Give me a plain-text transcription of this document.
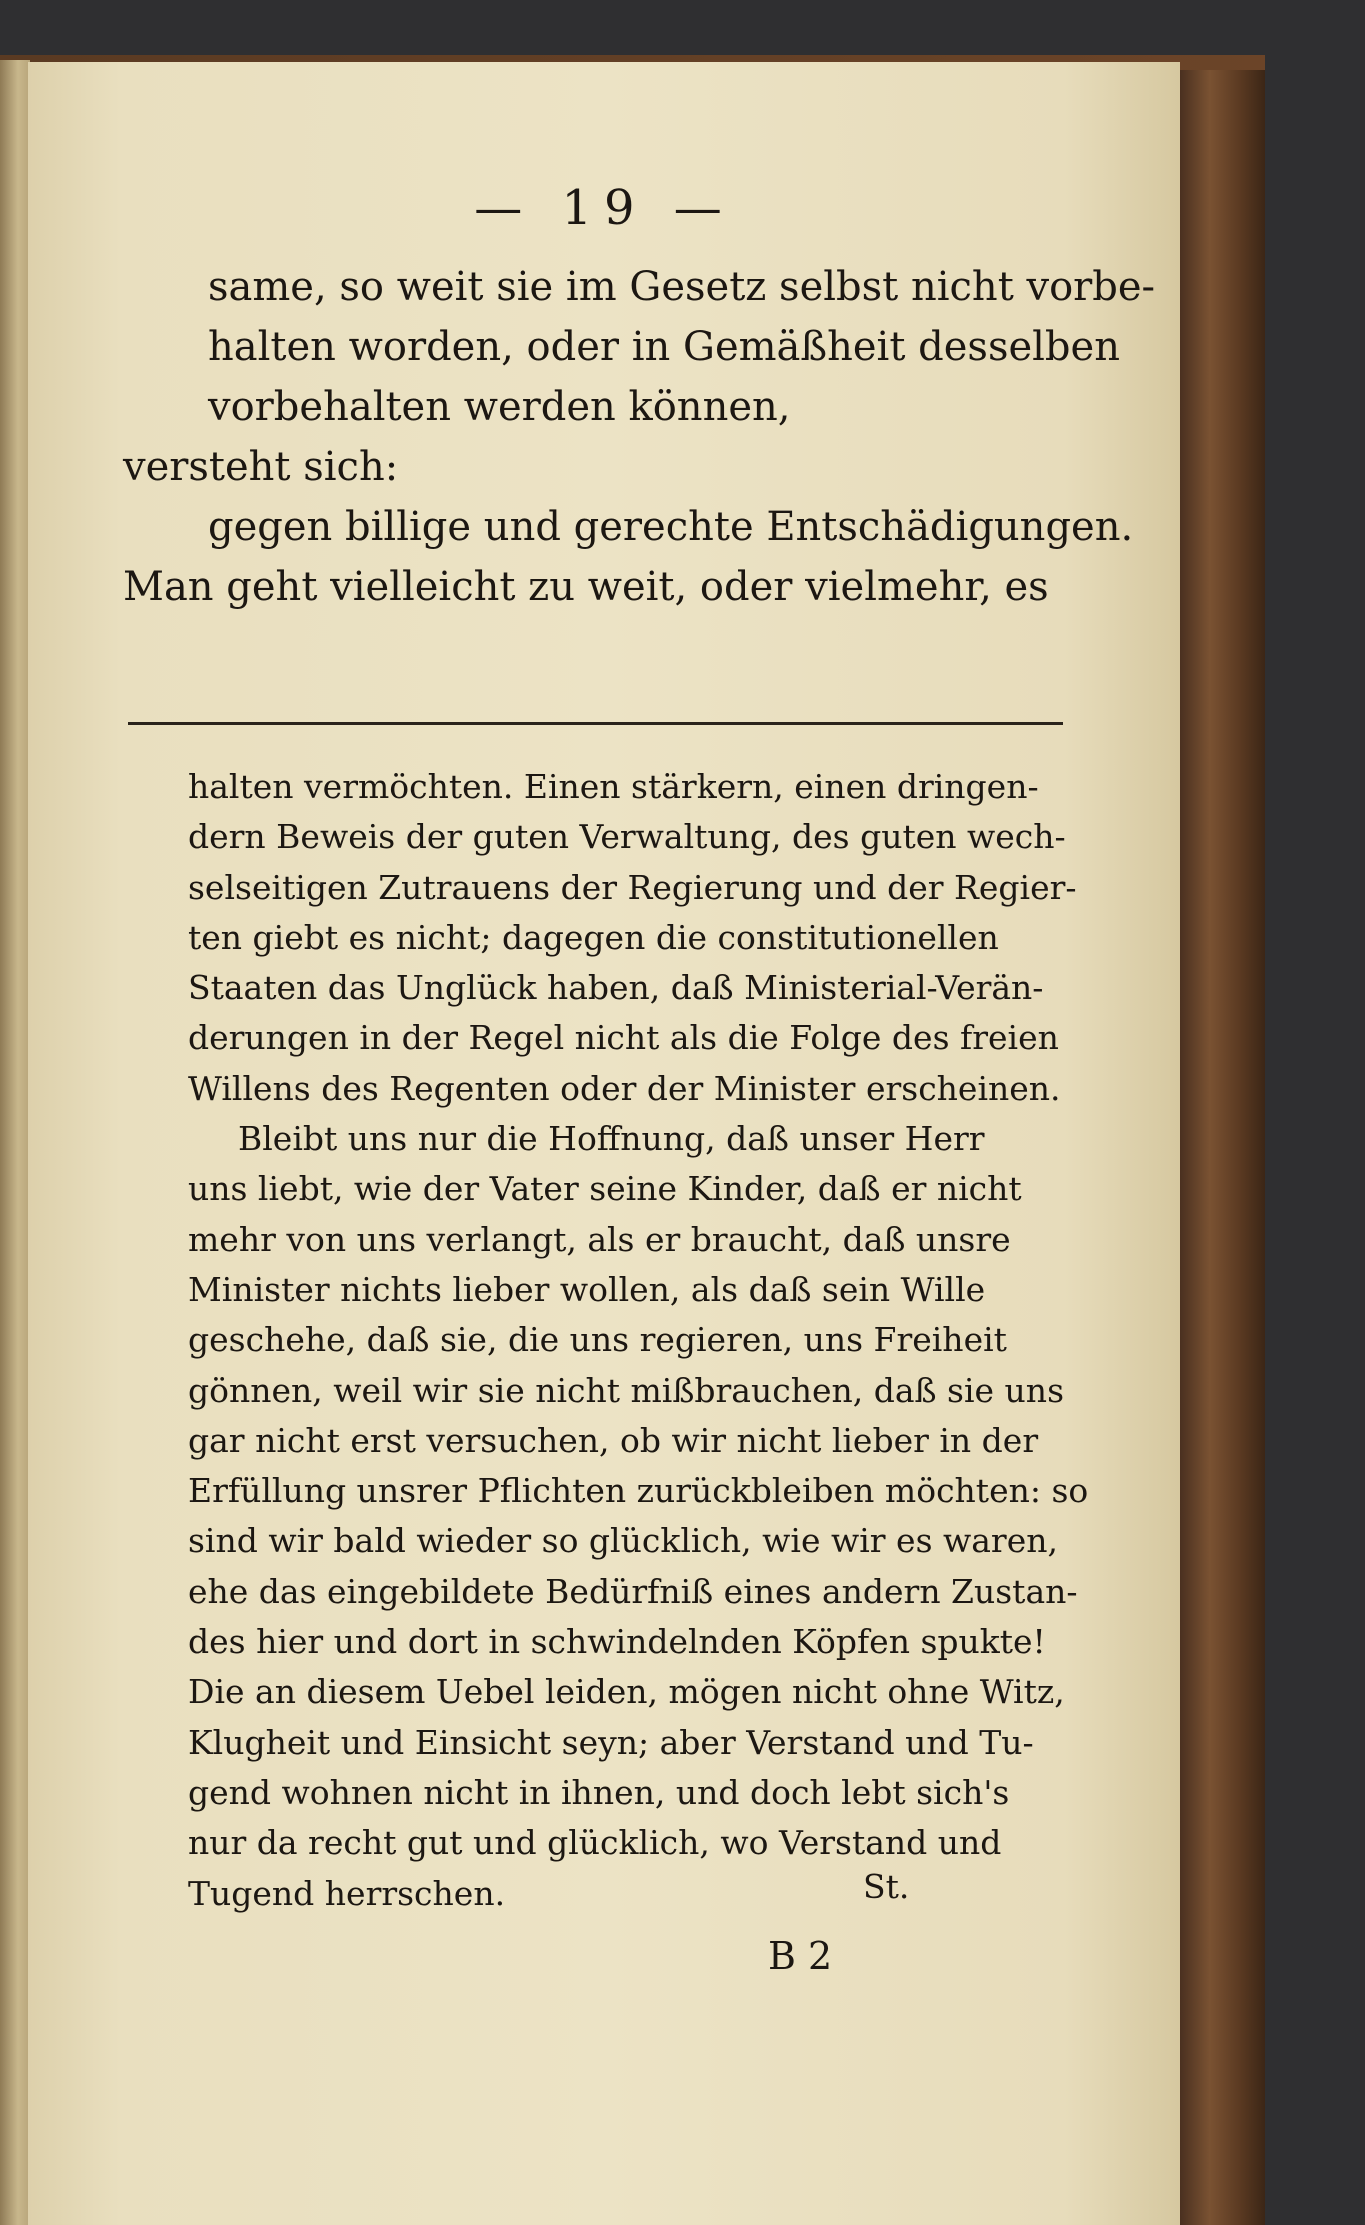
— 19 —
same, so weit sie im Gesetz selbst nicht vorbe-
halten worden, oder in Gemäßheit desselben
vorbehalten werden können,
versteht sich:
gegen billige und gerechte Entschädigungen.
Man geht vielleicht zu weit, oder vielmehr, es
halten vermöchten. Einen stärkern, einen dringen-
dern Beweis der guten Verwaltung, des guten wech-
selseitigen Zutrauens der Regierung und der Regier-
ten giebt es nicht; dagegen die constitutionellen
Staaten das Unglück haben, daß Ministerial-Verän-
derungen in der Regel nicht als die Folge des freien
Willens des Regenten oder der Minister erscheinen.
Bleibt uns nur die Hoffnung, daß unser Herr
uns liebt, wie der Vater seine Kinder, daß er nicht
mehr von uns verlangt, als er braucht, daß unsre
Minister nichts lieber wollen, als daß sein Wille
geschehe, daß sie, die uns regieren, uns Freiheit
gönnen, weil wir sie nicht mißbrauchen, daß sie uns
gar nicht erst versuchen, ob wir nicht lieber in der
Erfüllung unsrer Pflichten zurückbleiben möchten: so
sind wir bald wieder so glücklich, wie wir es waren,
ehe das eingebildete Bedürfniß eines andern Zustan-
des hier und dort in schwindelnden Köpfen spukte!
Die an diesem Uebel leiden, mögen nicht ohne Witz,
Klugheit und Einsicht seyn; aber Verstand und Tu-
gend wohnen nicht in ihnen, und doch lebt sich's
nur da recht gut und glücklich, wo Verstand und
Tugend herrschen.	St.
B 2
